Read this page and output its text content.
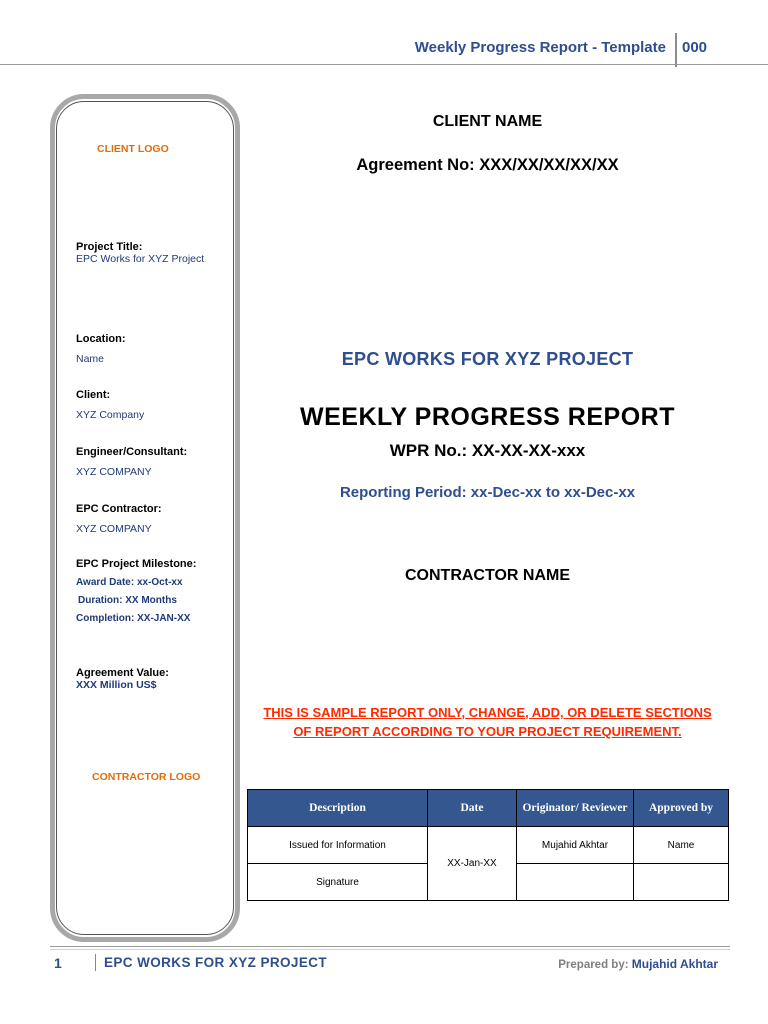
Weekly Progress Report - Template 000
CLIENT LOGO
Project Title:
EPC Works for XYZ Project
Location:
Name
Client:
XYZ Company
Engineer/Consultant:
XYZ COMPANY
EPC Contractor:
XYZ COMPANY
EPC Project Milestone:
Award Date: xx-Oct-xx
Duration: XX Months
Completion: XX-JAN-XX
Agreement Value:
XXX Million US$
CONTRACTOR LOGO
CLIENT NAME
Agreement No: XXX/XX/XX/XX/XX
EPC WORKS FOR XYZ PROJECT
WEEKLY PROGRESS REPORT
WPR No.: XX-XX-XX-xxx
Reporting Period: xx-Dec-xx to xx-Dec-xx
CONTRACTOR NAME
THIS IS SAMPLE REPORT ONLY, CHANGE, ADD, OR DELETE SECTIONS
OF REPORT ACCORDING TO YOUR PROJECT REQUIREMENT.
Description	Date	Originator/ Reviewer	Approved by
Issued for Information	XX-Jan-XX	Mujahid Akhtar	Name
Signature			
1	EPC WORKS FOR XYZ PROJECT	Prepared by: Mujahid Akhtar
